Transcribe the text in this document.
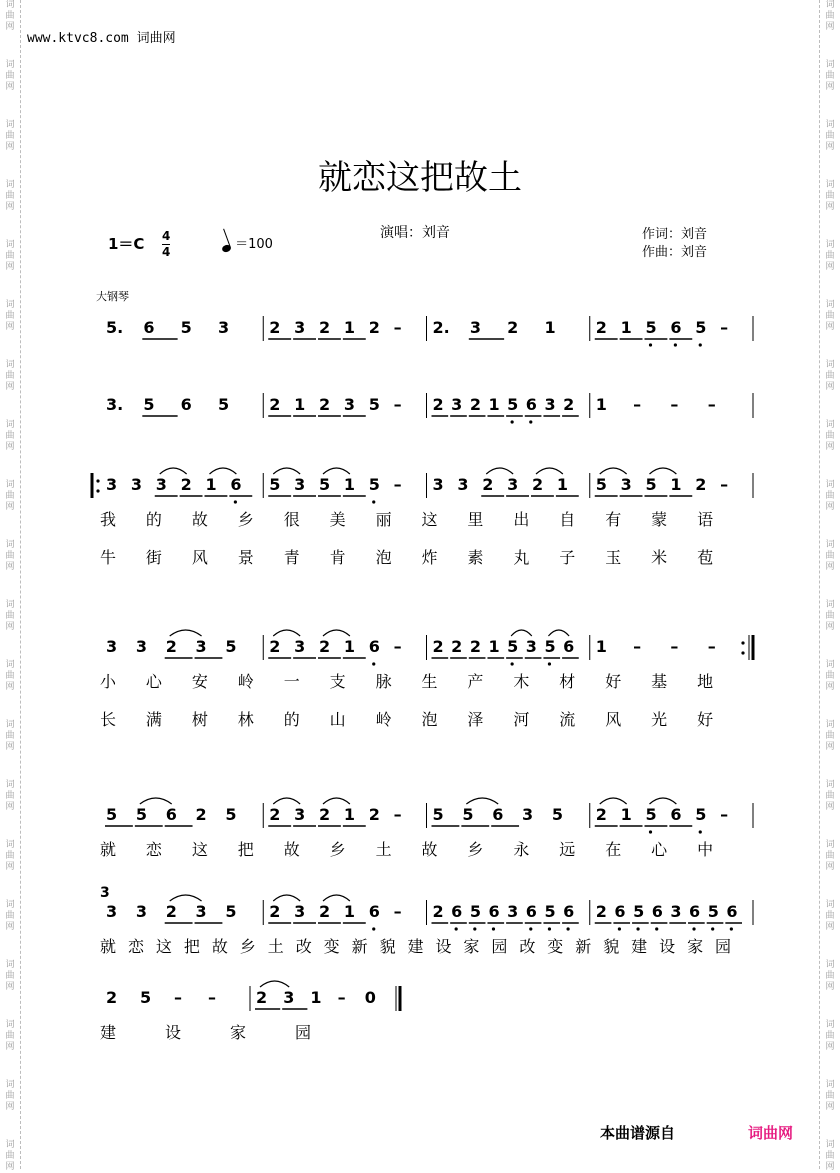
词
曲
网
词
曲
网
词
曲
网
词
曲
网
词
曲
网
词
曲
网
词
曲
网
词
曲
网
词
曲
网
词
曲
网
词
曲
网
词
曲
网
词
曲
网
词
曲
网
词
曲
网
词
曲
网
词
曲
网
词
曲
网
词
曲
网
词
曲
网
词
曲
网
词
曲
网
词
曲
网
词
曲
网
词
曲
网
词
曲
网
词
曲
网
词
曲
网
词
曲
网
词
曲
网
词
曲
网
词
曲
网
词
曲
网
词
曲
网
词
曲
网
词
曲
网
词
曲
网
词
曲
网
词
曲
网
词
曲
网
www.ktvc8.com 词曲网
就恋这把故土
1＝C 4
4	＝100
演唱：刘音	作词：刘音
作曲：刘音
大钢琴
5. 6 5 3	2 3 2 1 2 – 2. 3 2 1	2 1 5 6 5 –
3. 5 6 5	2 1 2 3 5 – 2 3 2 1 5 6 3 2 1 – – –
3 3 3 2 1 6 5 3 5 1 5 – 3 3 2 3 2 1 5 3 5 1 2 –
我 的 故 乡 很 美 丽 这 里 出 自 有 蒙 语
牛 街 风 景 青 肯 泡 炸 素 丸 子 玉 米 苞
3 3 2 3 5 2 3 2 1 6 – 2 2 2 1 5 3 5 6 1 – – –
小 心 安 岭 一 支 脉 生 产 木 材 好 基 地
长 满 树 林 的 山 岭 泡 泽 河 流 风 光 好
5 5 6 2 5 2 3 2 1 2 – 5 5 6 3 5 2 1 5 6 5 –
就 恋 这 把 故 乡 土 故 乡 永 远 在 心 中
3
3 3 2 3 5 2 3 2 1 6 – 2 6 5 6 3 6 5 6 2 6 5 6 3 6 5 6
就 恋 这 把 故 乡 土 改 变 新 貌 建 设 家 园 改 变 新 貌 建 设 家 园
2 5 – –	2 3 1 – 0
建	设	家	园
本曲谱源自	词曲网
